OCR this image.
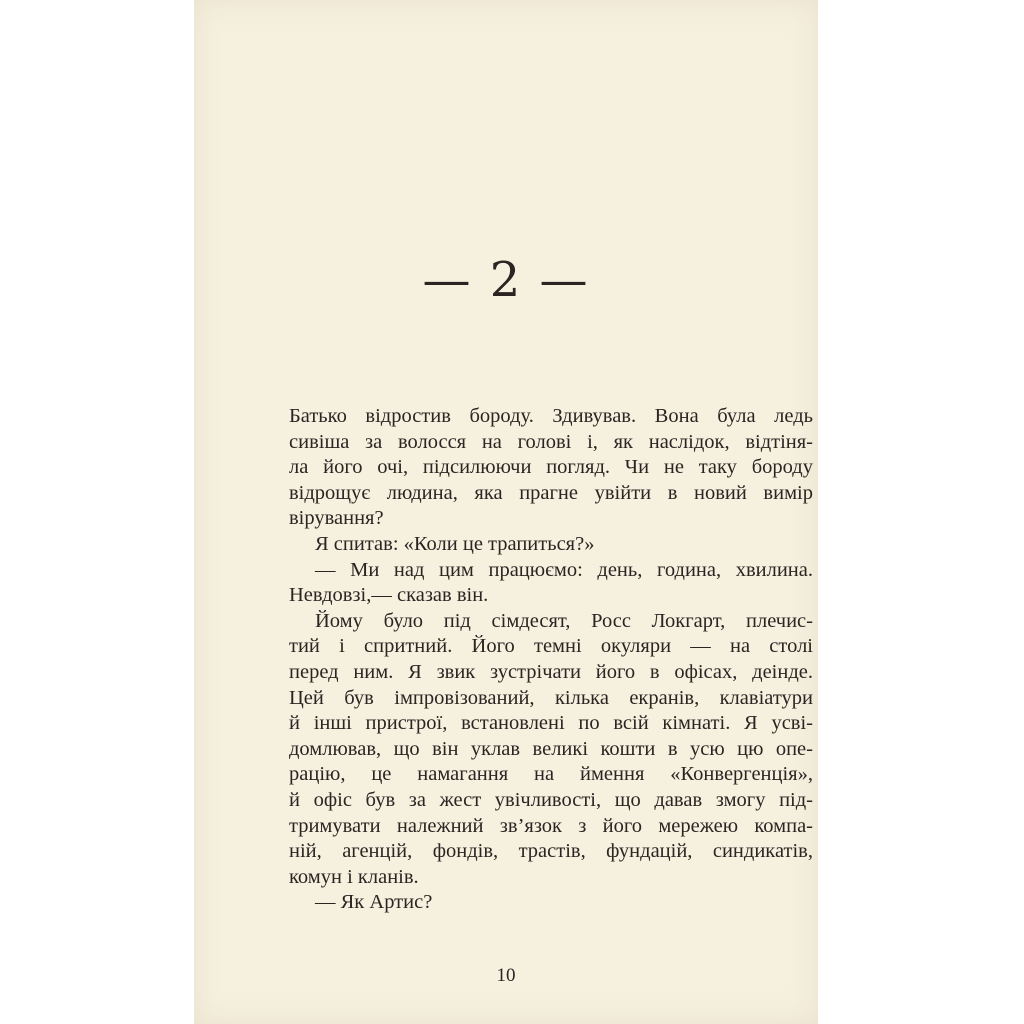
— 2 —
Батько відростив бороду. Здивував. Вона була ледь
сивіша за волосся на голові і, як наслідок, відтіня-
ла його очі, підсилюючи погляд. Чи не таку бороду
відрощує людина, яка прагне увійти в новий вимір
вірування?
Я спитав: «Коли це трапиться?»
— Ми над цим працюємо: день, година, хвилина.
Невдовзі,— сказав він.
Йому було під сімдесят, Росс Локгарт, плечис-
тий і спритний. Його темні окуляри — на столі
перед ним. Я звик зустрічати його в офісах, деінде.
Цей був імпровізований, кілька екранів, клавіатури
й інші пристрої, встановлені по всій кімнаті. Я усві-
домлював, що він уклав великі кошти в усю цю опе-
рацію, це намагання на ймення «Конвергенція»,
й офіс був за жест увічливості, що давав змогу під-
тримувати належний зв’язок з його мережею компа-
ній, агенцій, фондів, трастів, фундацій, синдикатів,
комун і кланів.
— Як Артис?
10
